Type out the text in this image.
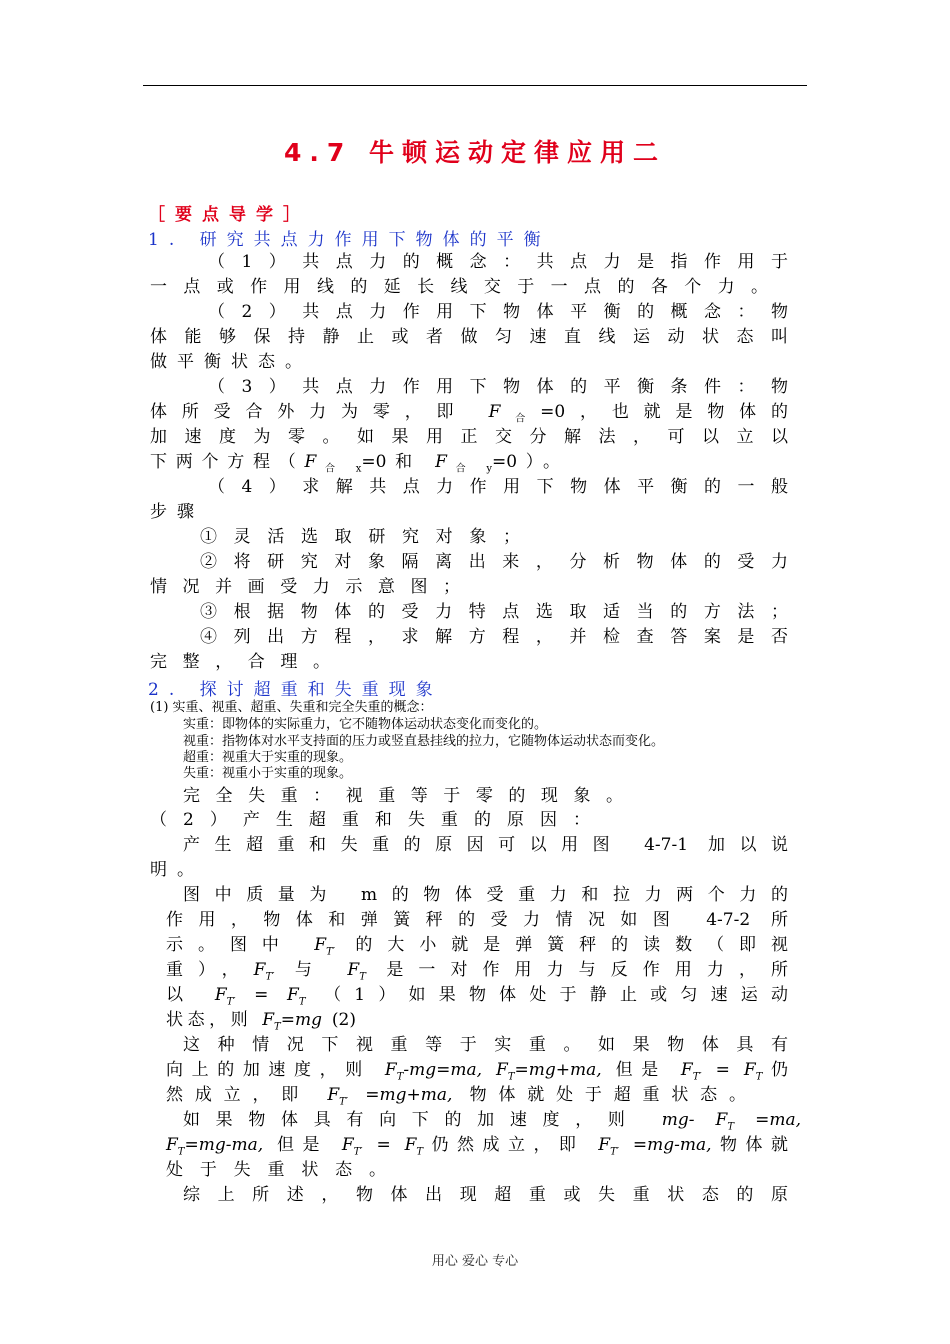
4.7 牛顿运动定律应用二
［要点导学］
1. 研究共点力作用下物体的平衡
（1）共点力的概念：共点力是指作用于
一点或作用线的延长线交于一点的各个力。
（2）共点力作用下物体平衡的概念：物
体能够保持静止或者做匀速直线运动状态叫
做平衡状态。
（3）共点力作用下物体的平衡条件：物
体所受合外力为零，即 $F_合=0$，也就是物体的
加速度为零。如果用正交分解法，可以立以
下两个方程（$F_{合 x}=0$和 $F_{合 y}=0$）。
（4）求解共点力作用下物体平衡的一般
步骤
①灵活选取研究对象；
②将研究对象隔离出来，分析物体的受力
情况并画受力示意图；
③根据物体的受力特点选取适当的方法；
④列出方程，求解方程，并检查答案是否
完整，合理。
2. 探讨超重和失重现象
(1) 实重、视重、超重、失重和完全失重的概念：
实重：即物体的实际重力，它不随物体运动状态变化而变化的。
视重：指物体对水平支持面的压力或竖直悬挂线的拉力，它随物体运动状态而变化。
超重：视重大于实重的现象。
失重：视重小于实重的现象。
完全失重：视重等于零的现象。
（2）产生超重和失重的原因：
产生超重和失重的原因可以用图 4-7-1 加以说
明。
图中质量为 m的物体受重力和拉力两个力的
作用，物体和弹簧秤的受力情况如图 4-7-2 所
示。图中 $F_{T'}$ 的大小就是弹簧秤的读数（即视
重），$F_{T'}$ 与 $F_T$ 是一对作用力与反作用力，所
以 $F_{T'} = F_T$ （1）如果物体处于静止或匀速运动
状态，则 $F_T=mg$ (2)
这种情况下视重等于实重。如果物体具有
向上的加速度，则 $F_T-mg=ma$, $F_T=mg+ma$, 但是 $F_{T'} = F_T$仍
然成立，即 $F_{T'} =mg+ma$, 物体就处于超重状态。
如果物体具有向下的加速度，则 mg- $F_T =ma$,
$F_T=mg-ma$, 但是 $F_{T'} = F_T$仍然成立，即 $F_{T'} =mg-ma$,物体就
处于失重状态。
综上所述，物体出现超重或失重状态的原
用心 爱心 专心
